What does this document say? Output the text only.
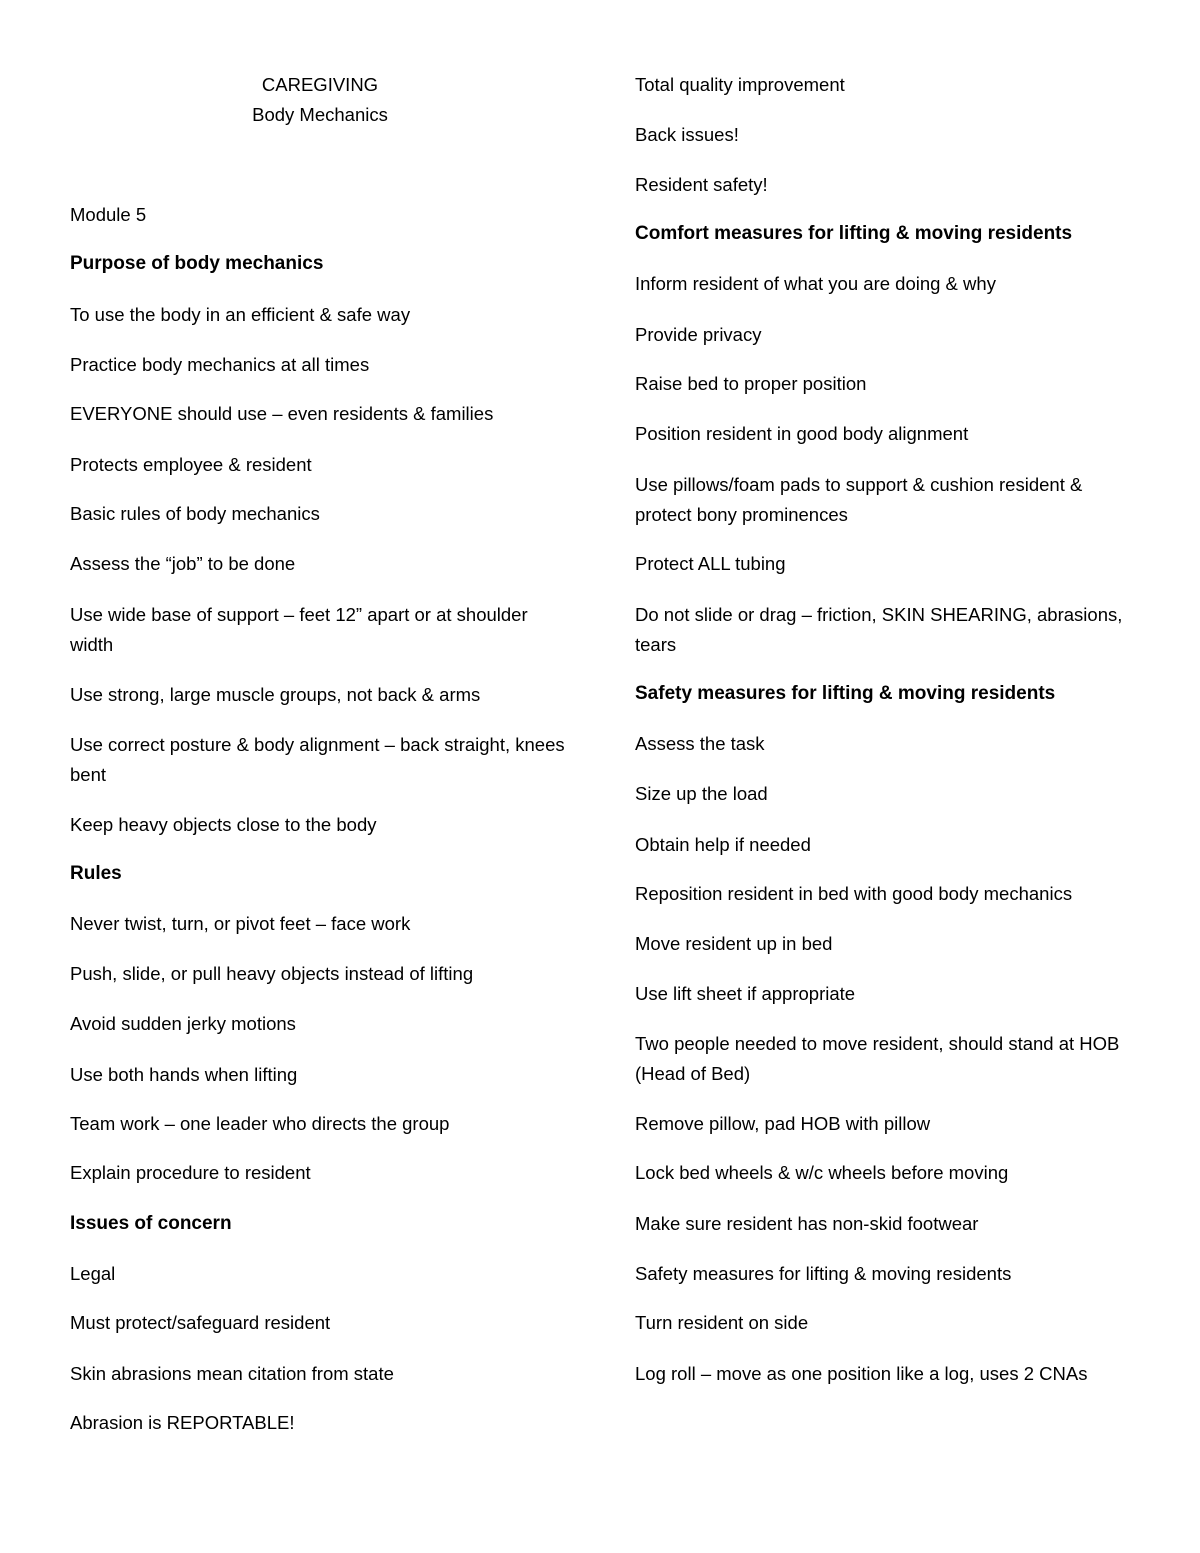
CAREGIVING

Body Mechanics

Module 5

Purpose of body mechanics

To use the body in an efficient & safe way

Practice body mechanics at all times

EVERYONE should use – even residents & families

Protects employee & resident

Basic rules of body mechanics

Assess the “job” to be done

Use wide base of support – feet 12” apart or at shoulder width

Use strong, large muscle groups, not back & arms

Use correct posture & body alignment – back straight, knees bent

Keep heavy objects close to the body

Rules

Never twist, turn, or pivot feet – face work

Push, slide, or pull heavy objects instead of lifting

Avoid sudden jerky motions

Use both hands when lifting

Team work – one leader who directs the group

Explain procedure to resident

Issues of concern

Legal

Must protect/safeguard resident

Skin abrasions mean citation from state

Abrasion is REPORTABLE!

Total quality improvement

Back issues!

Resident safety!

Comfort measures for lifting & moving residents

Inform resident of what you are doing & why

Provide privacy

Raise bed to proper position

Position resident in good body alignment

Use pillows/foam pads to support & cushion resident & protect bony prominences

Protect ALL tubing

Do not slide or drag – friction, SKIN SHEARING, abrasions, tears

Safety measures for lifting & moving residents

Assess the task

Size up the load

Obtain help if needed

Reposition resident in bed with good body mechanics

Move resident up in bed

Use lift sheet if appropriate

Two people needed to move resident, should stand at HOB (Head of Bed)

Remove pillow, pad HOB with pillow

Lock bed wheels & w/c wheels before moving

Make sure resident has non-skid footwear

Safety measures for lifting & moving residents

Turn resident on side

Log roll – move as one position like a log, uses 2 CNAs
